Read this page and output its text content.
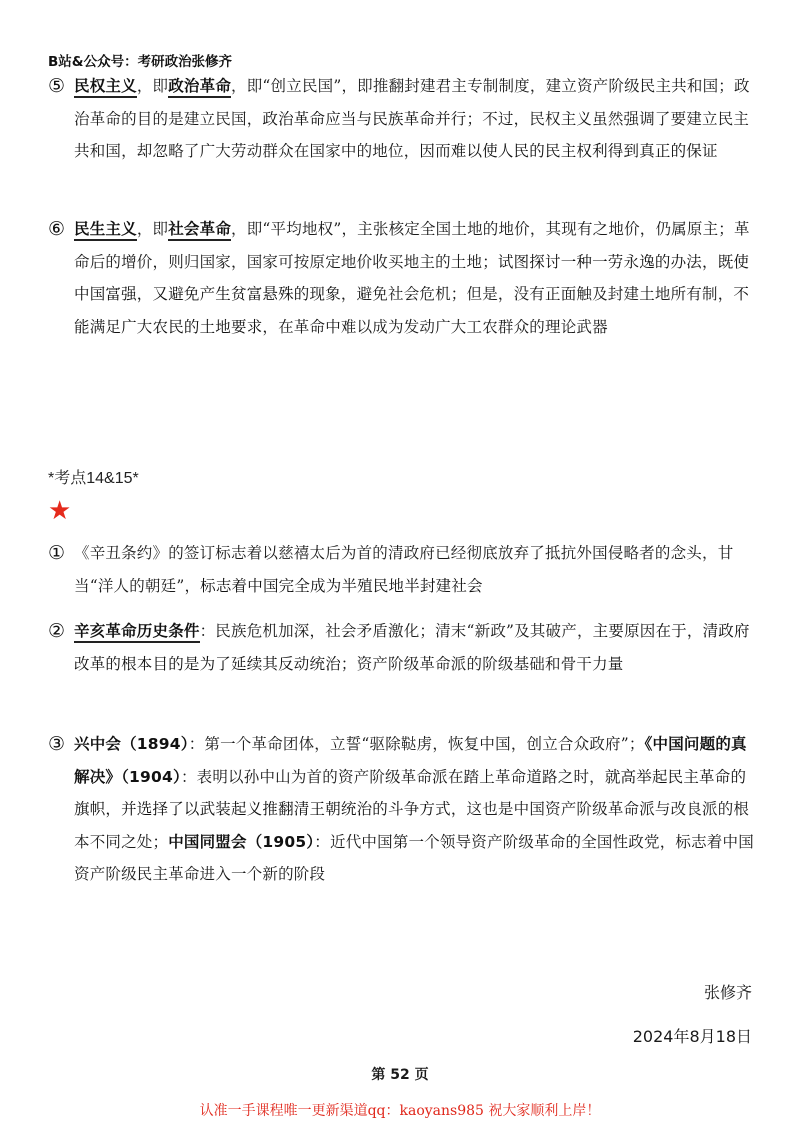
B站&公众号：考研政治张修齐
⑤ 民权主义，即政治革命，即“创立民国”，即推翻封建君主专制制度，建立资产阶级民主共和国；政治革命的目的是建立民国，政治革命应当与民族革命并行；不过，民权主义虽然强调了要建立民主共和国，却忽略了广大劳动群众在国家中的地位，因而难以使人民的民主权利得到真正的保证
⑥ 民生主义，即社会革命，即“平均地权”，主张核定全国土地的地价，其现有之地价，仍属原主；革命后的增价，则归国家，国家可按原定地价收买地主的土地；试图探讨一种一劳永逸的办法，既使中国富强，又避免产生贫富悬殊的现象，避免社会危机；但是，没有正面触及封建土地所有制，不能满足广大农民的土地要求，在革命中难以成为发动广大工农群众的理论武器
*考点14&15*
★
① 《辛丑条约》的签订标志着以慈禧太后为首的清政府已经彻底放弃了抵抗外国侵略者的念头，甘当“洋人的朝廷”，标志着中国完全成为半殖民地半封建社会
② 辛亥革命历史条件：民族危机加深，社会矛盾激化；清末“新政”及其破产，主要原因在于，清政府改革的根本目的是为了延续其反动统治；资产阶级革命派的阶级基础和骨干力量
③ 兴中会（1894）：第一个革命团体，立誓“驱除鞑虏，恢复中国，创立合众政府”；《中国问题的真解决》（1904）：表明以孙中山为首的资产阶级革命派在踏上革命道路之时，就高举起民主革命的旗帜，并选择了以武装起义推翻清王朝统治的斗争方式，这也是中国资产阶级革命派与改良派的根本不同之处；中国同盟会（1905）：近代中国第一个领导资产阶级革命的全国性政党，标志着中国资产阶级民主革命进入一个新的阶段
张修齐
2024年8月18日
第 52 页
认准一手课程唯一更新渠道qq：kaoyans985 祝大家顺利上岸！
